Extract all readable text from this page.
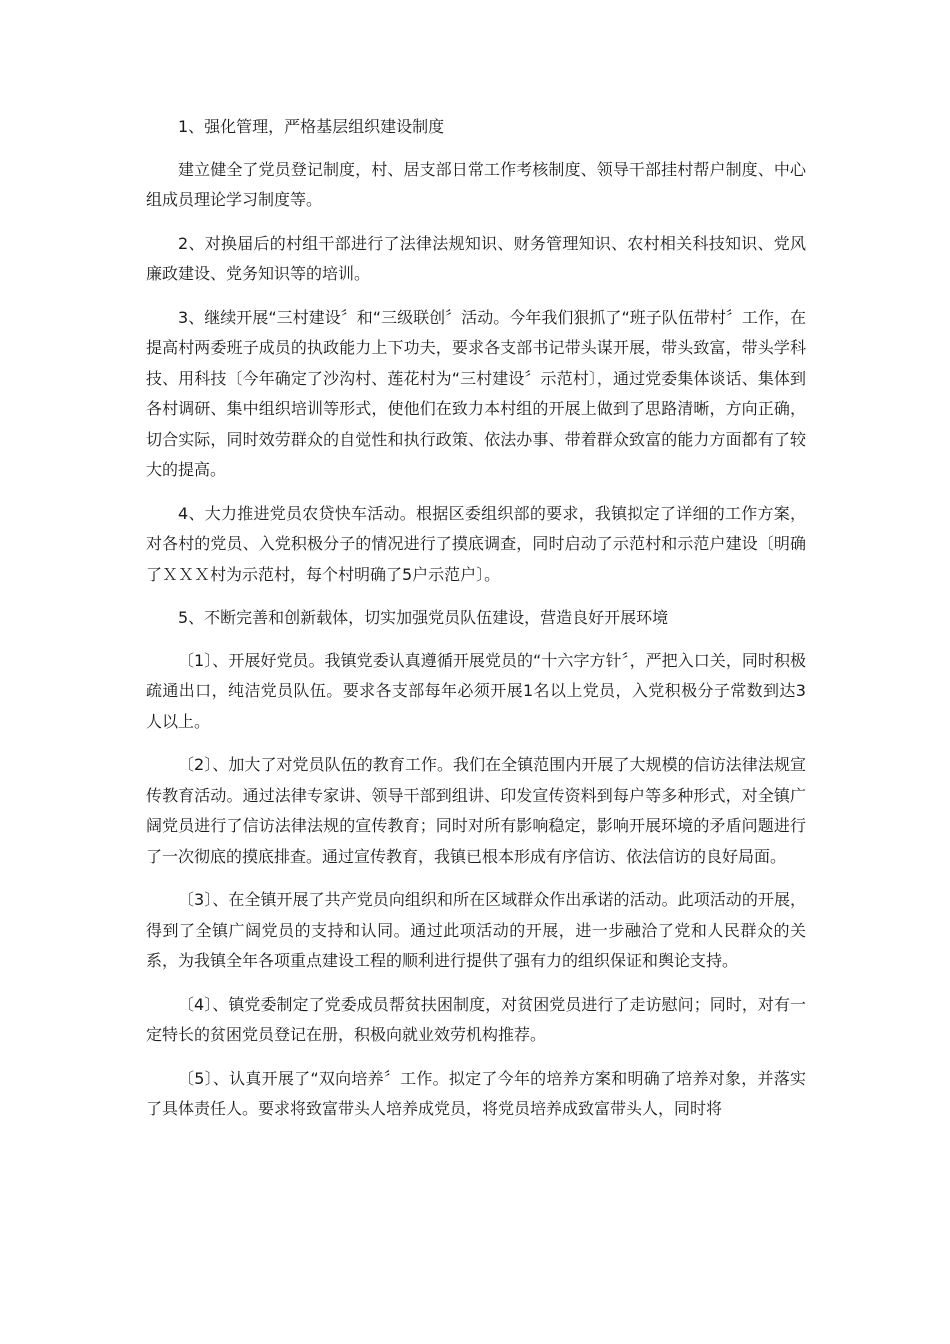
1、强化管理，严格基层组织建设制度

建立健全了党员登记制度，村、居支部日常工作考核制度、领导干部挂村帮户制度、中心组成员理论学习制度等。

2、对换届后的村组干部进行了法律法规知识、财务管理知识、农村相关科技知识、党风廉政建设、党务知识等的培训。

3、继续开展“三村建设〞和“三级联创〞活动。今年我们狠抓了“班子队伍带村〞工作，在提高村两委班子成员的执政能力上下功夫，要求各支部书记带头谋开展，带头致富，带头学科技、用科技〔今年确定了沙沟村、莲花村为“三村建设〞示范村〕，通过党委集体谈话、集体到各村调研、集中组织培训等形式，使他们在致力本村组的开展上做到了思路清晰，方向正确，切合实际，同时效劳群众的自觉性和执行政策、依法办事、带着群众致富的能力方面都有了较大的提高。

4、大力推进党员农贷快车活动。根据区委组织部的要求，我镇拟定了详细的工作方案，对各村的党员、入党积极分子的情况进行了摸底调查，同时启动了示范村和示范户建设〔明确了ＸＸＸ村为示范村，每个村明确了5户示范户〕。

5、不断完善和创新载体，切实加强党员队伍建设，营造良好开展环境

〔1〕、开展好党员。我镇党委认真遵循开展党员的“十六字方针〞，严把入口关，同时积极疏通出口，纯洁党员队伍。要求各支部每年必须开展1名以上党员，入党积极分子常数到达3人以上。

〔2〕、加大了对党员队伍的教育工作。我们在全镇范围内开展了大规模的信访法律法规宣传教育活动。通过法律专家讲、领导干部到组讲、印发宣传资料到每户等多种形式，对全镇广阔党员进行了信访法律法规的宣传教育；同时对所有影响稳定，影响开展环境的矛盾问题进行了一次彻底的摸底排查。通过宣传教育，我镇已根本形成有序信访、依法信访的良好局面。

〔3〕、在全镇开展了共产党员向组织和所在区域群众作出承诺的活动。此项活动的开展，得到了全镇广阔党员的支持和认同。通过此项活动的开展，进一步融洽了党和人民群众的关系，为我镇全年各项重点建设工程的顺利进行提供了强有力的组织保证和舆论支持。

〔4〕、镇党委制定了党委成员帮贫扶困制度，对贫困党员进行了走访慰问；同时，对有一定特长的贫困党员登记在册，积极向就业效劳机构推荐。

〔5〕、认真开展了“双向培养〞工作。拟定了今年的培养方案和明确了培养对象，并落实了具体责任人。要求将致富带头人培养成党员，将党员培养成致富带头人，同时将
